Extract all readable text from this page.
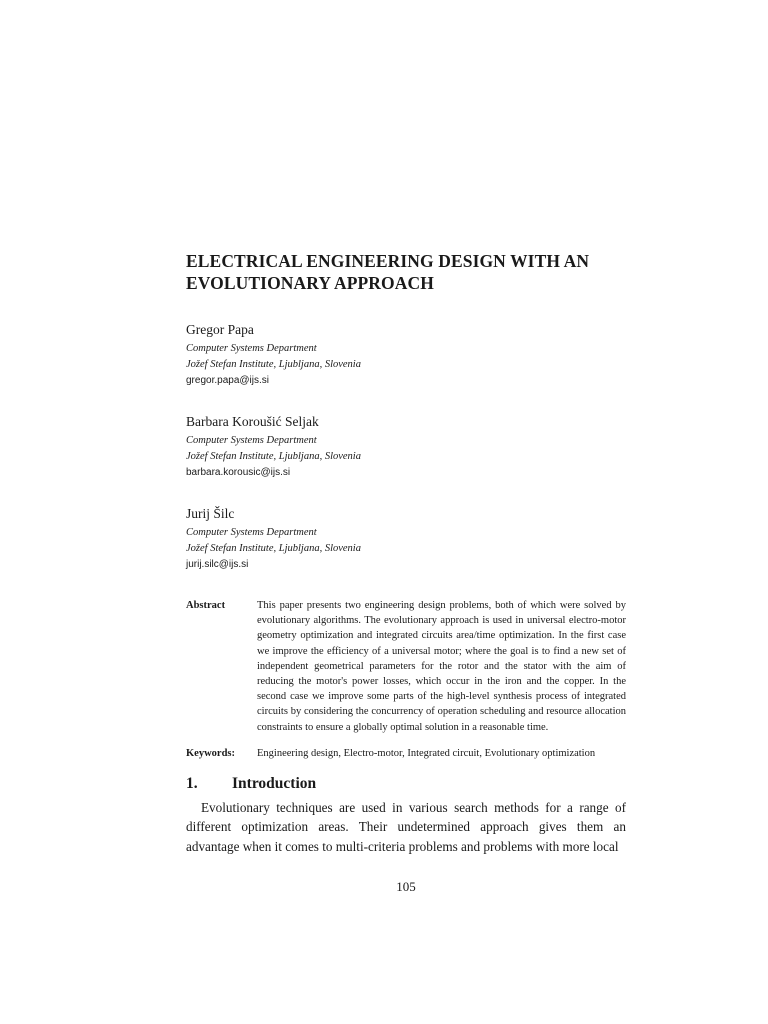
ELECTRICAL ENGINEERING DESIGN WITH AN EVOLUTIONARY APPROACH
Gregor Papa
Computer Systems Department
Jožef Stefan Institute, Ljubljana, Slovenia
gregor.papa@ijs.si
Barbara Koroušić Seljak
Computer Systems Department
Jožef Stefan Institute, Ljubljana, Slovenia
barbara.korousic@ijs.si
Jurij Šilc
Computer Systems Department
Jožef Stefan Institute, Ljubljana, Slovenia
jurij.silc@ijs.si
Abstract	This paper presents two engineering design problems, both of which were solved by evolutionary algorithms. The evolutionary approach is used in universal electro-motor geometry optimization and integrated circuits area/time optimization. In the first case we improve the efficiency of a universal motor; where the goal is to find a new set of independent geometrical parameters for the rotor and the stator with the aim of reducing the motor's power losses, which occur in the iron and the copper. In the second case we improve some parts of the high-level synthesis process of integrated circuits by considering the concurrency of operation scheduling and resource allocation constraints to ensure a globally optimal solution in a reasonable time.
Keywords: Engineering design, Electro-motor, Integrated circuit, Evolutionary optimization
1. Introduction
Evolutionary techniques are used in various search methods for a range of different optimization areas. Their undetermined approach gives them an advantage when it comes to multi-criteria problems and problems with more local
105
